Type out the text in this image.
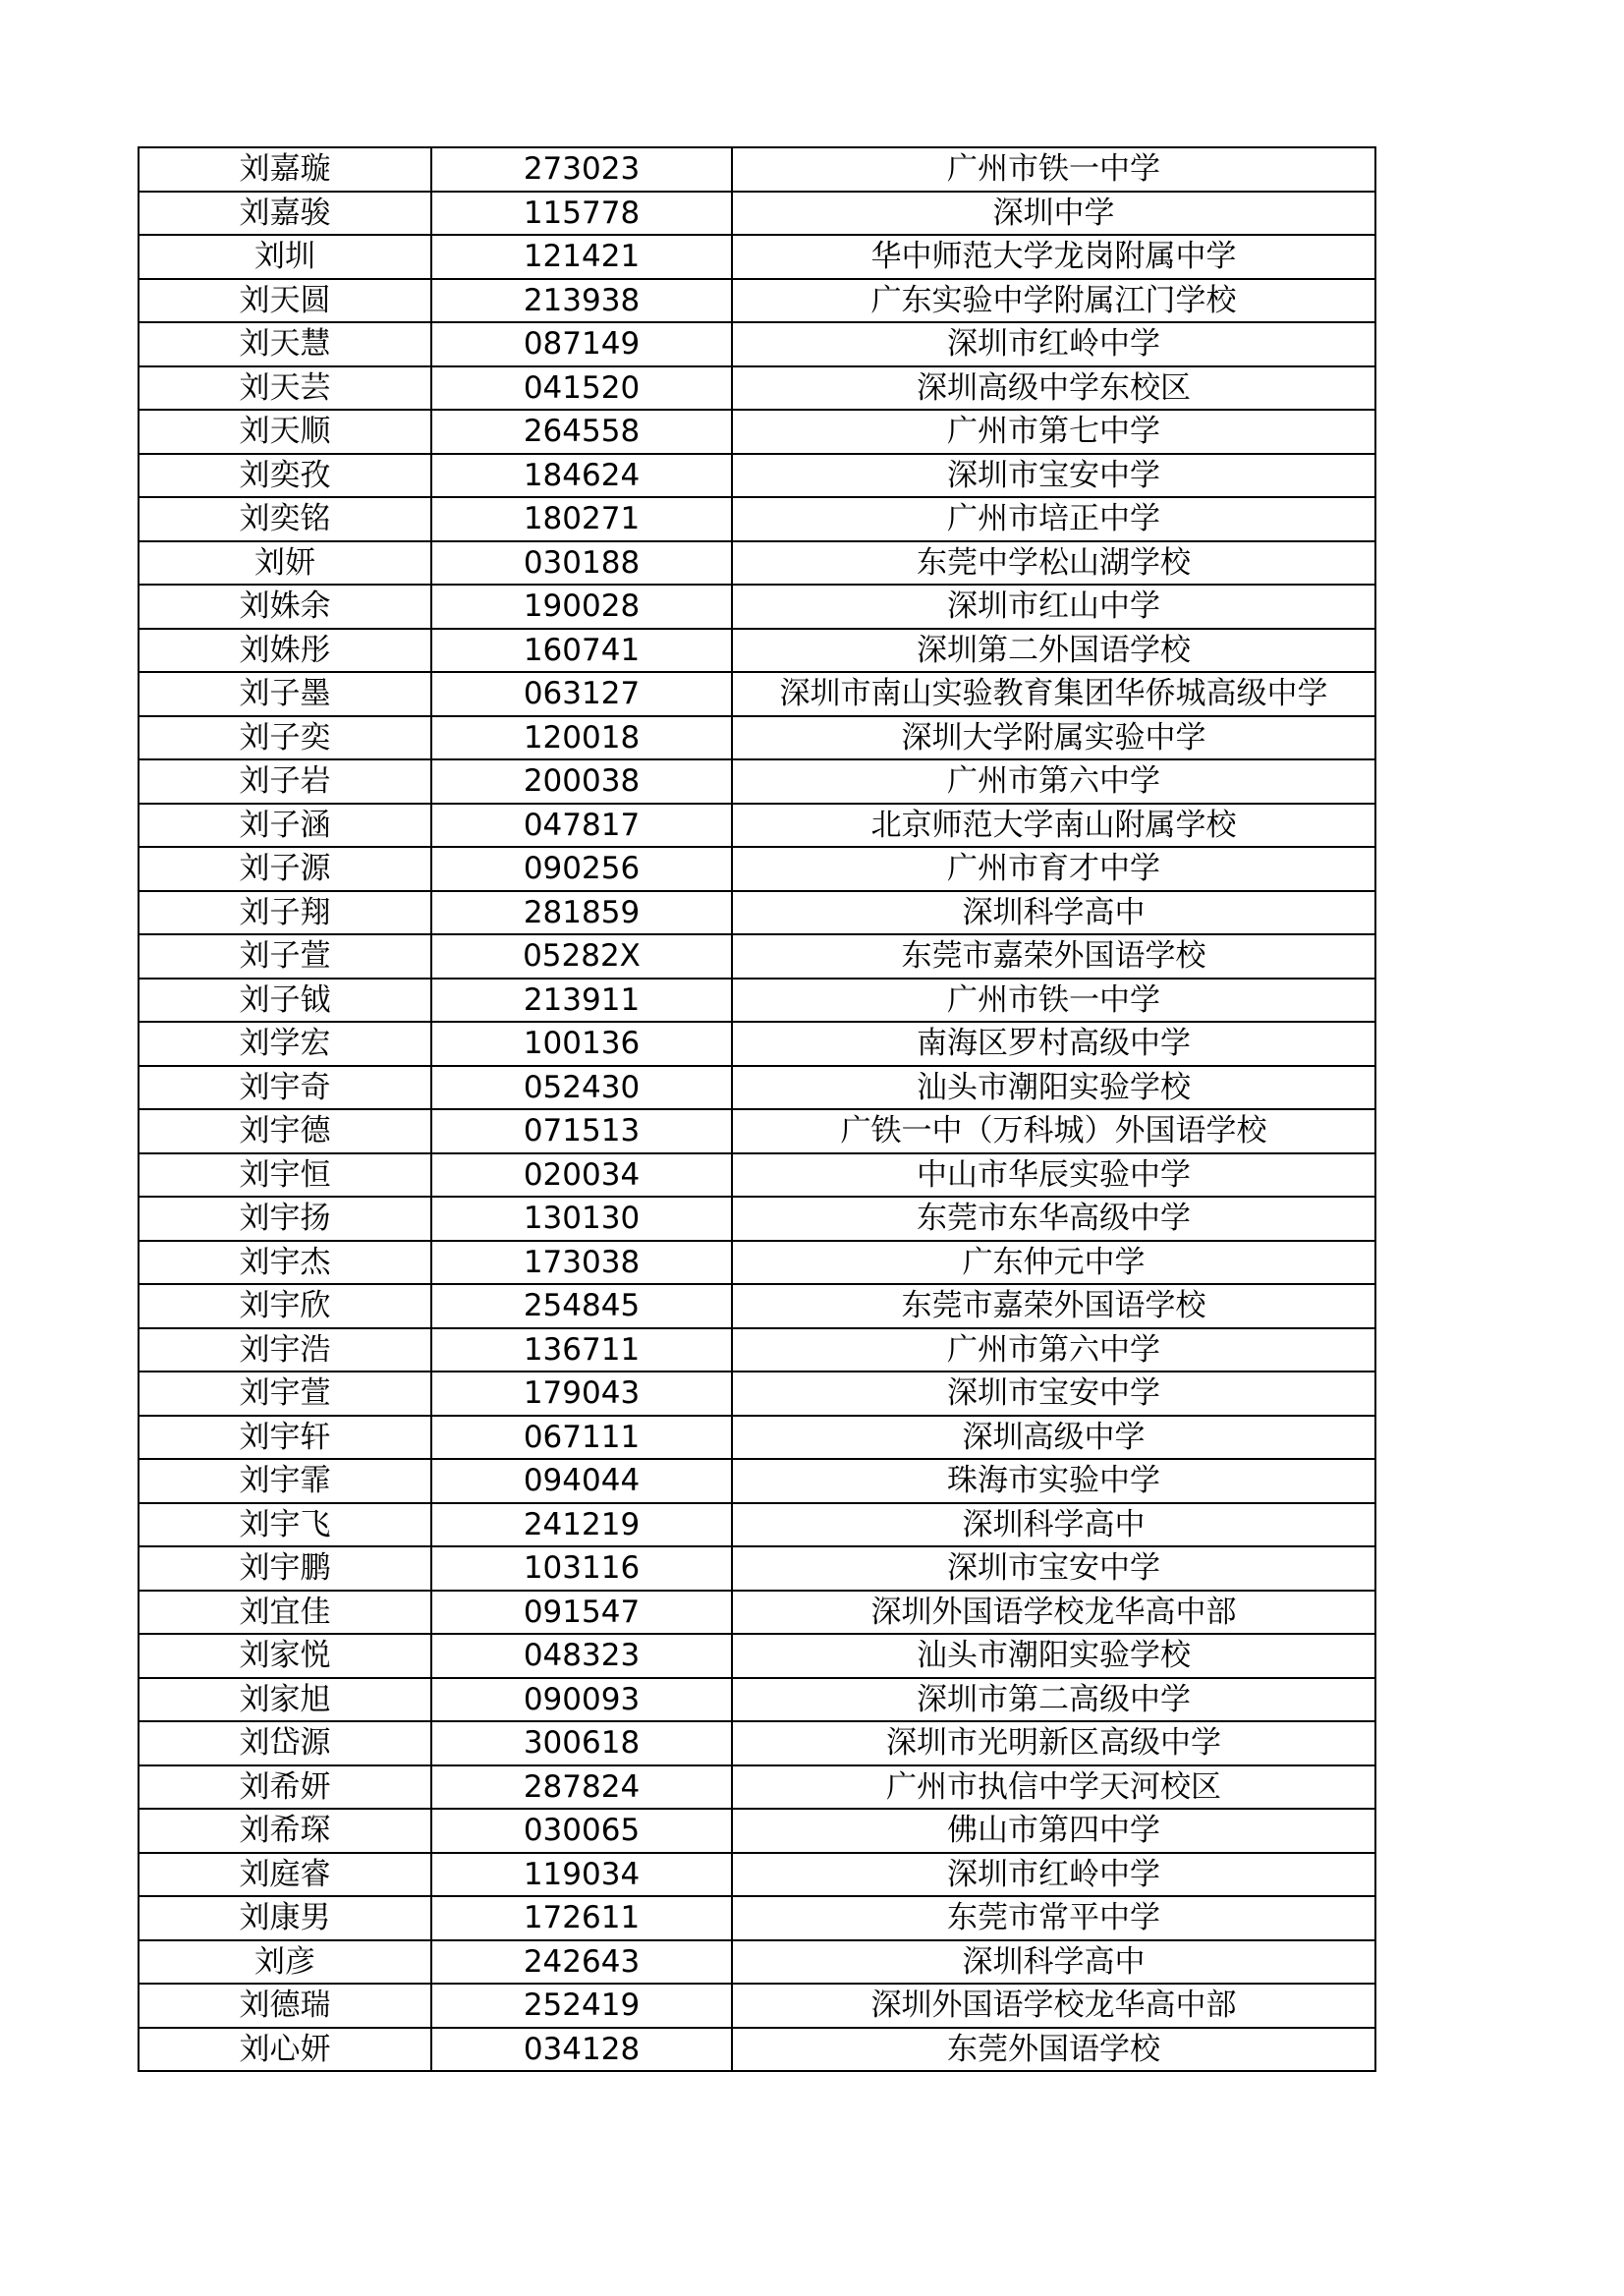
刘嘉璇	273023	广州市铁一中学
刘嘉骏	115778	深圳中学
刘圳	121421	华中师范大学龙岗附属中学
刘天圆	213938	广东实验中学附属江门学校
刘天慧	087149	深圳市红岭中学
刘天芸	041520	深圳高级中学东校区
刘天顺	264558	广州市第七中学
刘奕孜	184624	深圳市宝安中学
刘奕铭	180271	广州市培正中学
刘妍	030188	东莞中学松山湖学校
刘姝余	190028	深圳市红山中学
刘姝彤	160741	深圳第二外国语学校
刘子墨	063127	深圳市南山实验教育集团华侨城高级中学
刘子奕	120018	深圳大学附属实验中学
刘子岩	200038	广州市第六中学
刘子涵	047817	北京师范大学南山附属学校
刘子源	090256	广州市育才中学
刘子翔	281859	深圳科学高中
刘子萱	05282X	东莞市嘉荣外国语学校
刘子钺	213911	广州市铁一中学
刘学宏	100136	南海区罗村高级中学
刘宇奇	052430	汕头市潮阳实验学校
刘宇德	071513	广铁一中（万科城）外国语学校
刘宇恒	020034	中山市华辰实验中学
刘宇扬	130130	东莞市东华高级中学
刘宇杰	173038	广东仲元中学
刘宇欣	254845	东莞市嘉荣外国语学校
刘宇浩	136711	广州市第六中学
刘宇萱	179043	深圳市宝安中学
刘宇轩	067111	深圳高级中学
刘宇霏	094044	珠海市实验中学
刘宇飞	241219	深圳科学高中
刘宇鹏	103116	深圳市宝安中学
刘宜佳	091547	深圳外国语学校龙华高中部
刘家悦	048323	汕头市潮阳实验学校
刘家旭	090093	深圳市第二高级中学
刘岱源	300618	深圳市光明新区高级中学
刘希妍	287824	广州市执信中学天河校区
刘希琛	030065	佛山市第四中学
刘庭睿	119034	深圳市红岭中学
刘康男	172611	东莞市常平中学
刘彦	242643	深圳科学高中
刘德瑞	252419	深圳外国语学校龙华高中部
刘心妍	034128	东莞外国语学校
